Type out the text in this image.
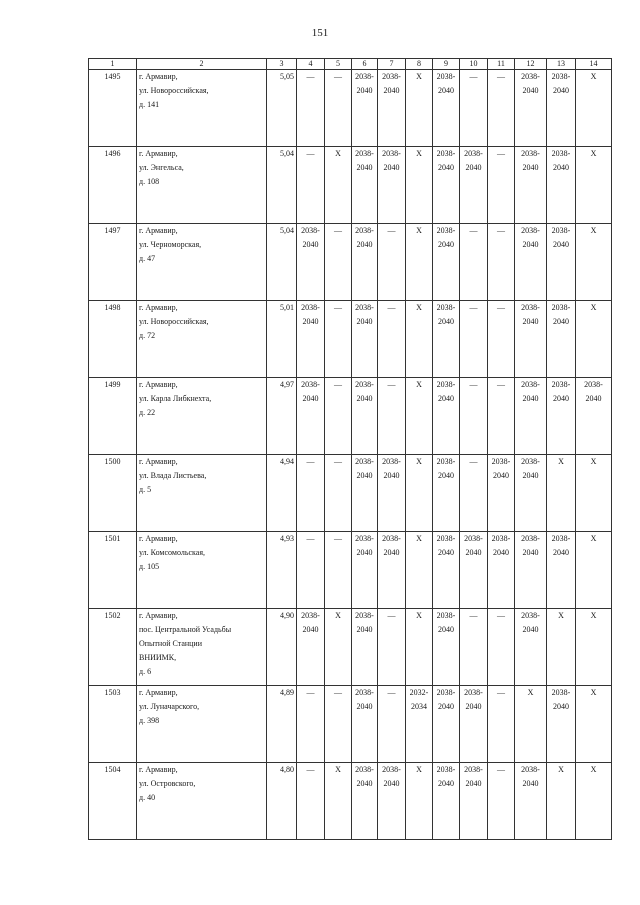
151
1	2	3	4	5	6	7	8	9	10	11	12	13	14
1495	г. Армавир,
ул. Новороссийская,
д. 141	5,05	—	—	2038-
2040	2038-
2040	X	2038-
2040	—	—	2038-
2040	2038-
2040	X
1496	г. Армавир,
ул. Энгельса,
д. 108	5,04	—	X	2038-
2040	2038-
2040	X	2038-
2040	2038-
2040	—	2038-
2040	2038-
2040	X
1497	г. Армавир,
ул. Черноморская,
д. 47	5,04	2038-
2040	—	2038-
2040	—	X	2038-
2040	—	—	2038-
2040	2038-
2040	X
1498	г. Армавир,
ул. Новороссийская,
д. 72	5,01	2038-
2040	—	2038-
2040	—	X	2038-
2040	—	—	2038-
2040	2038-
2040	X
1499	г. Армавир,
ул. Карла Либкнехта,
д. 22	4,97	2038-
2040	—	2038-
2040	—	X	2038-
2040	—	—	2038-
2040	2038-
2040	2038-
2040
1500	г. Армавир,
ул. Влада Листьева,
д. 5	4,94	—	—	2038-
2040	2038-
2040	X	2038-
2040	—	2038-
2040	2038-
2040	X	X
1501	г. Армавир,
ул. Комсомольская,
д. 105	4,93	—	—	2038-
2040	2038-
2040	X	2038-
2040	2038-
2040	2038-
2040	2038-
2040	2038-
2040	X
1502	г. Армавир,
пос. Центральной Усадьбы
Опытной Станции
ВНИИМК,
д. 6	4,90	2038-
2040	X	2038-
2040	—	X	2038-
2040	—	—	2038-
2040	X	X
1503	г. Армавир,
ул. Луначарского,
д. 398	4,89	—	—	2038-
2040	—	2032-
2034	2038-
2040	2038-
2040	—	X	2038-
2040	X
1504	г. Армавир,
ул. Островского,
д. 40	4,80	—	X	2038-
2040	2038-
2040	X	2038-
2040	2038-
2040	—	2038-
2040	X	X
